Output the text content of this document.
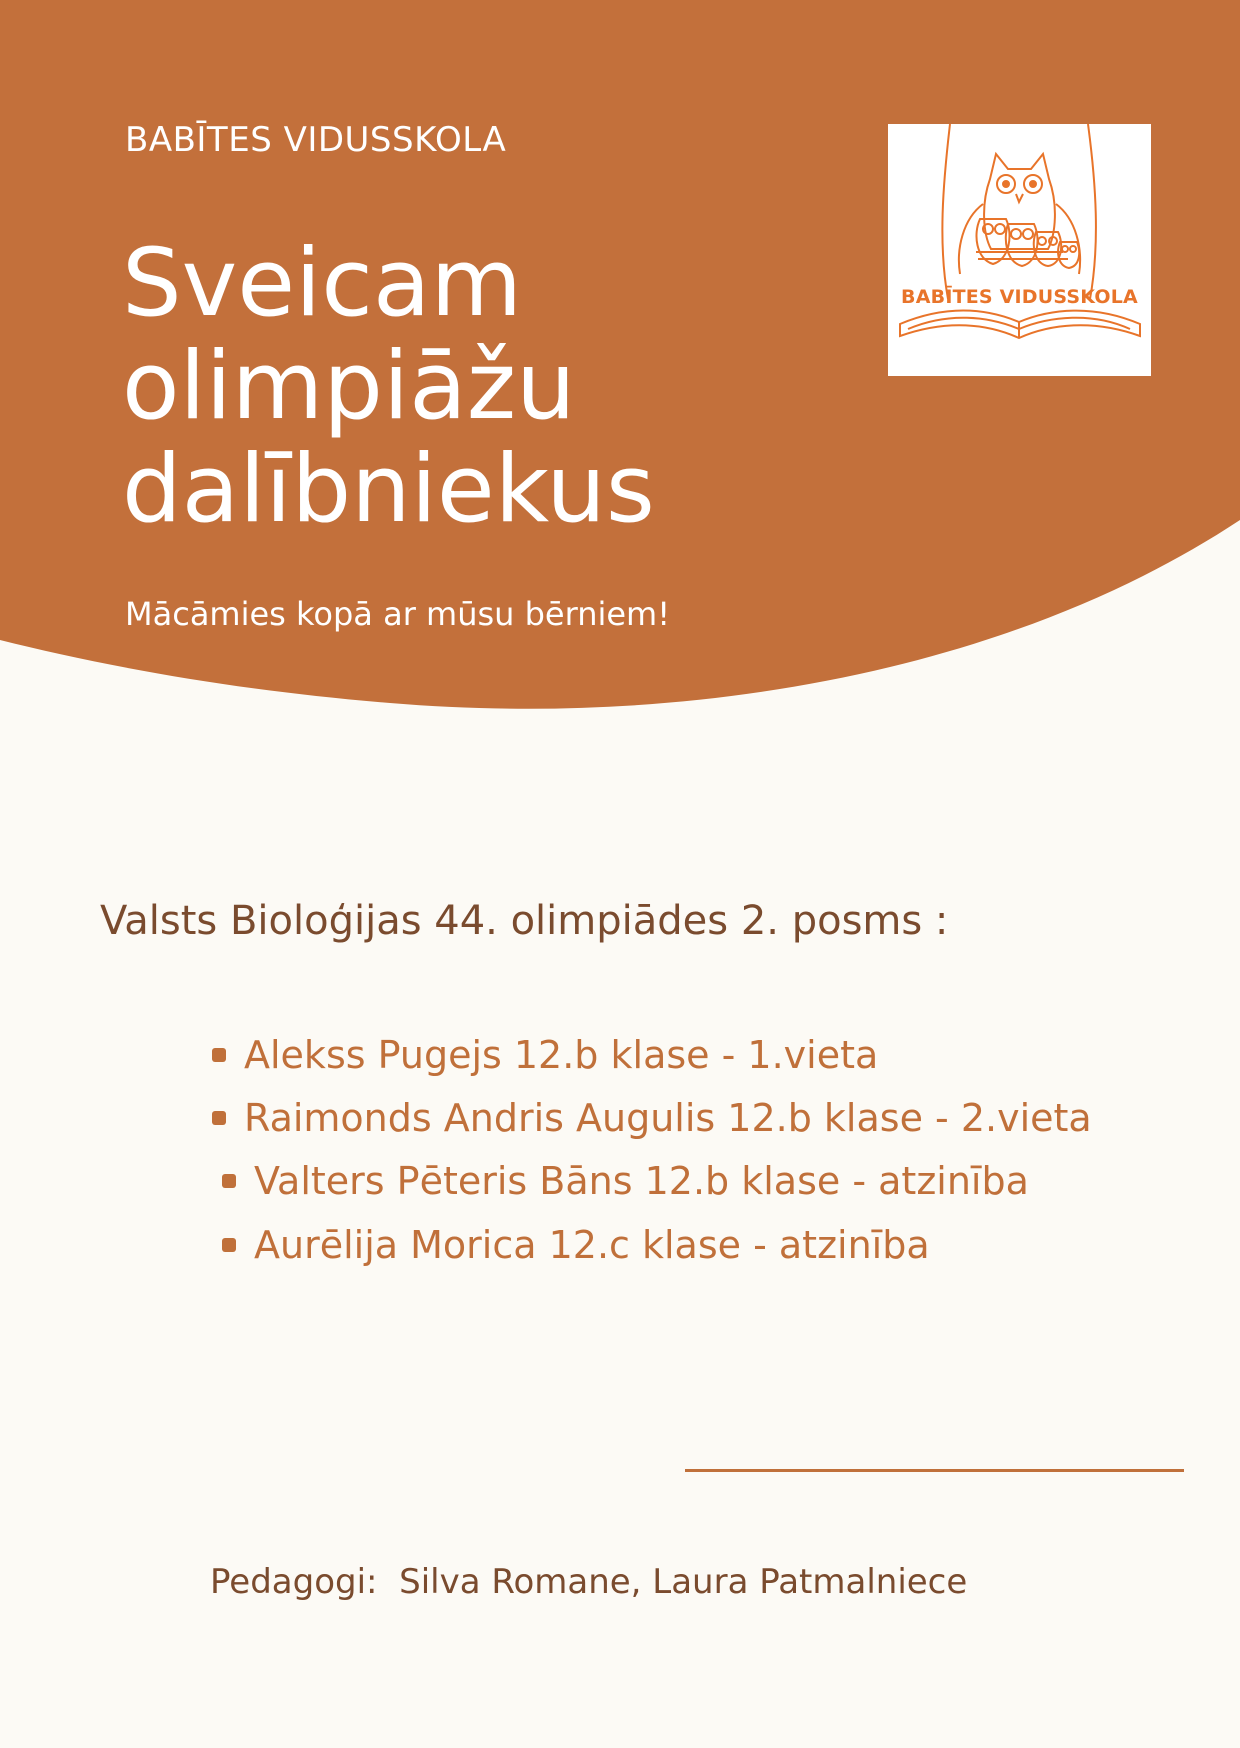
BABĪTES VIDUSSKOLA
Sveicam
olimpiāžu
dalībniekus
Mācāmies kopā ar mūsu bērniem!
BABĪTES VIDUSSKOLA
Valsts Bioloģijas 44. olimpiādes 2. posms :
Alekss Pugejs 12.b klase - 1.vieta
Raimonds Andris Augulis 12.b klase - 2.vieta
Valters Pēteris Bāns 12.b klase - atzinība
Aurēlija Morica 12.c klase - atzinība
Pedagogi:  Silva Romane, Laura Patmalniece
